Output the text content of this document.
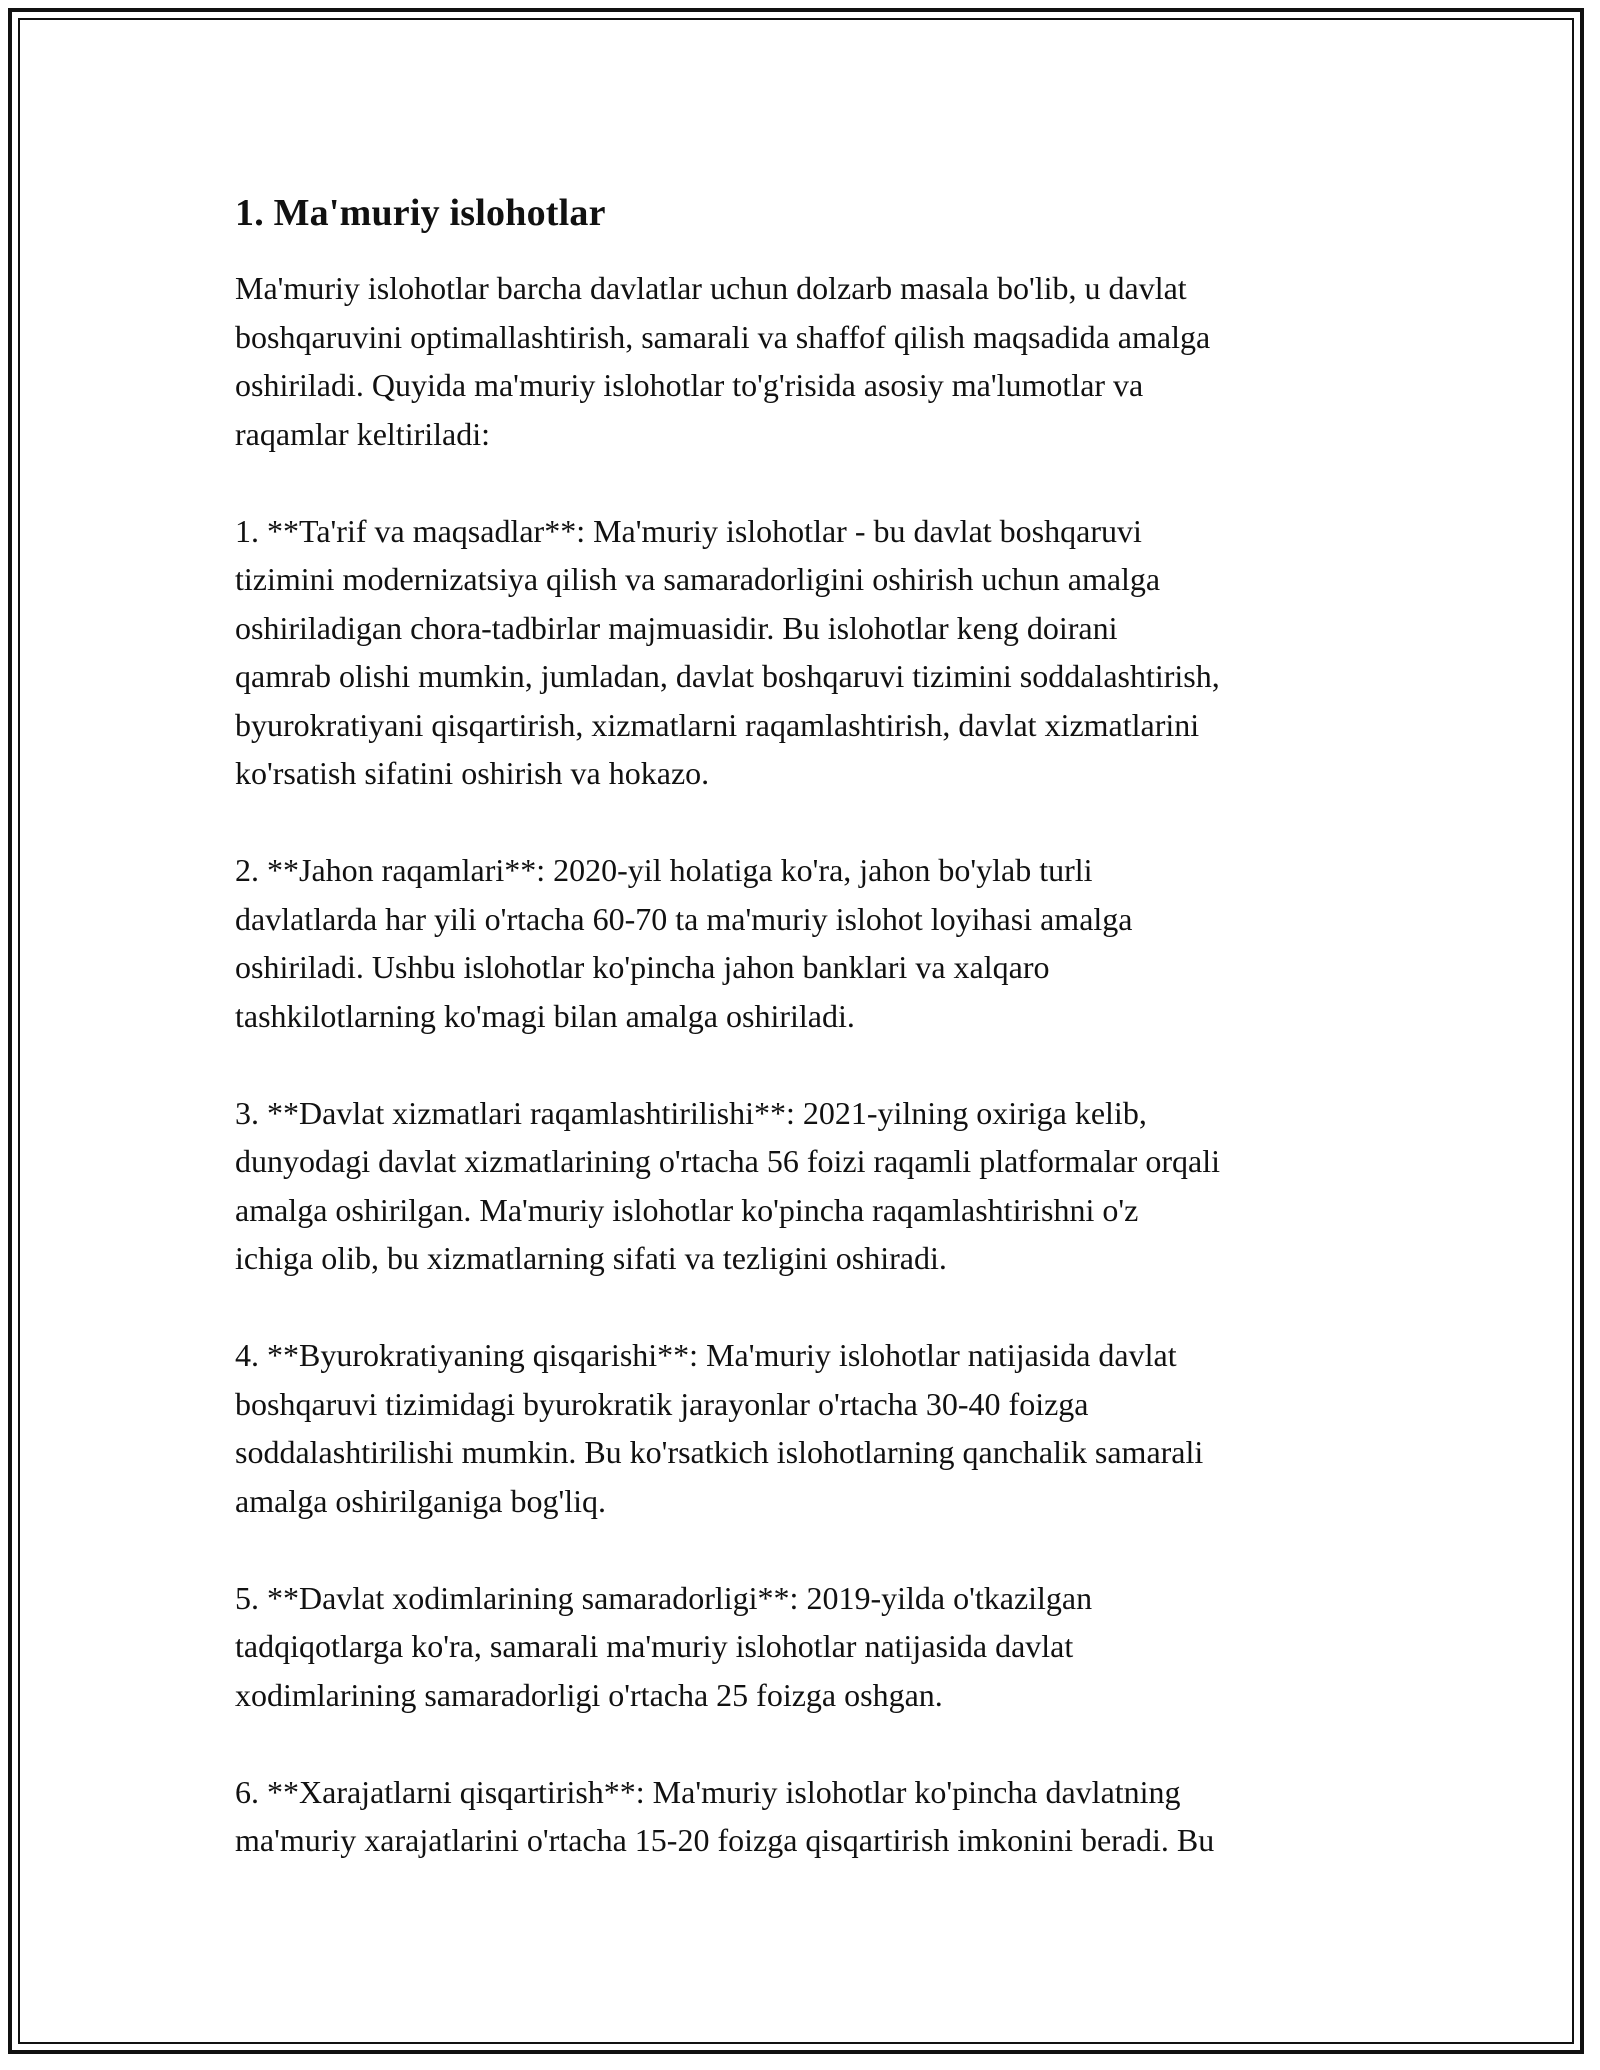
1. Ma'muriy islohotlar

Ma'muriy islohotlar barcha davlatlar uchun dolzarb masala bo'lib, u davlat
boshqaruvini optimallashtirish, samarali va shaffof qilish maqsadida amalga
oshiriladi. Quyida ma'muriy islohotlar to'g'risida asosiy ma'lumotlar va
raqamlar keltiriladi:

1. **Ta'rif va maqsadlar**: Ma'muriy islohotlar - bu davlat boshqaruvi
tizimini modernizatsiya qilish va samaradorligini oshirish uchun amalga
oshiriladigan chora-tadbirlar majmuasidir. Bu islohotlar keng doirani
qamrab olishi mumkin, jumladan, davlat boshqaruvi tizimini soddalashtirish,
byurokratiyani qisqartirish, xizmatlarni raqamlashtirish, davlat xizmatlarini
ko'rsatish sifatini oshirish va hokazo.

2. **Jahon raqamlari**: 2020-yil holatiga ko'ra, jahon bo'ylab turli
davlatlarda har yili o'rtacha 60-70 ta ma'muriy islohot loyihasi amalga
oshiriladi. Ushbu islohotlar ko'pincha jahon banklari va xalqaro
tashkilotlarning ko'magi bilan amalga oshiriladi.

3. **Davlat xizmatlari raqamlashtirilishi**: 2021-yilning oxiriga kelib,
dunyodagi davlat xizmatlarining o'rtacha 56 foizi raqamli platformalar orqali
amalga oshirilgan. Ma'muriy islohotlar ko'pincha raqamlashtirishni o'z
ichiga olib, bu xizmatlarning sifati va tezligini oshiradi.

4. **Byurokratiyaning qisqarishi**: Ma'muriy islohotlar natijasida davlat
boshqaruvi tizimidagi byurokratik jarayonlar o'rtacha 30-40 foizga
soddalashtirilishi mumkin. Bu ko'rsatkich islohotlarning qanchalik samarali
amalga oshirilganiga bog'liq.

5. **Davlat xodimlarining samaradorligi**: 2019-yilda o'tkazilgan
tadqiqotlarga ko'ra, samarali ma'muriy islohotlar natijasida davlat
xodimlarining samaradorligi o'rtacha 25 foizga oshgan.

6. **Xarajatlarni qisqartirish**: Ma'muriy islohotlar ko'pincha davlatning
ma'muriy xarajatlarini o'rtacha 15-20 foizga qisqartirish imkonini beradi. Bu
